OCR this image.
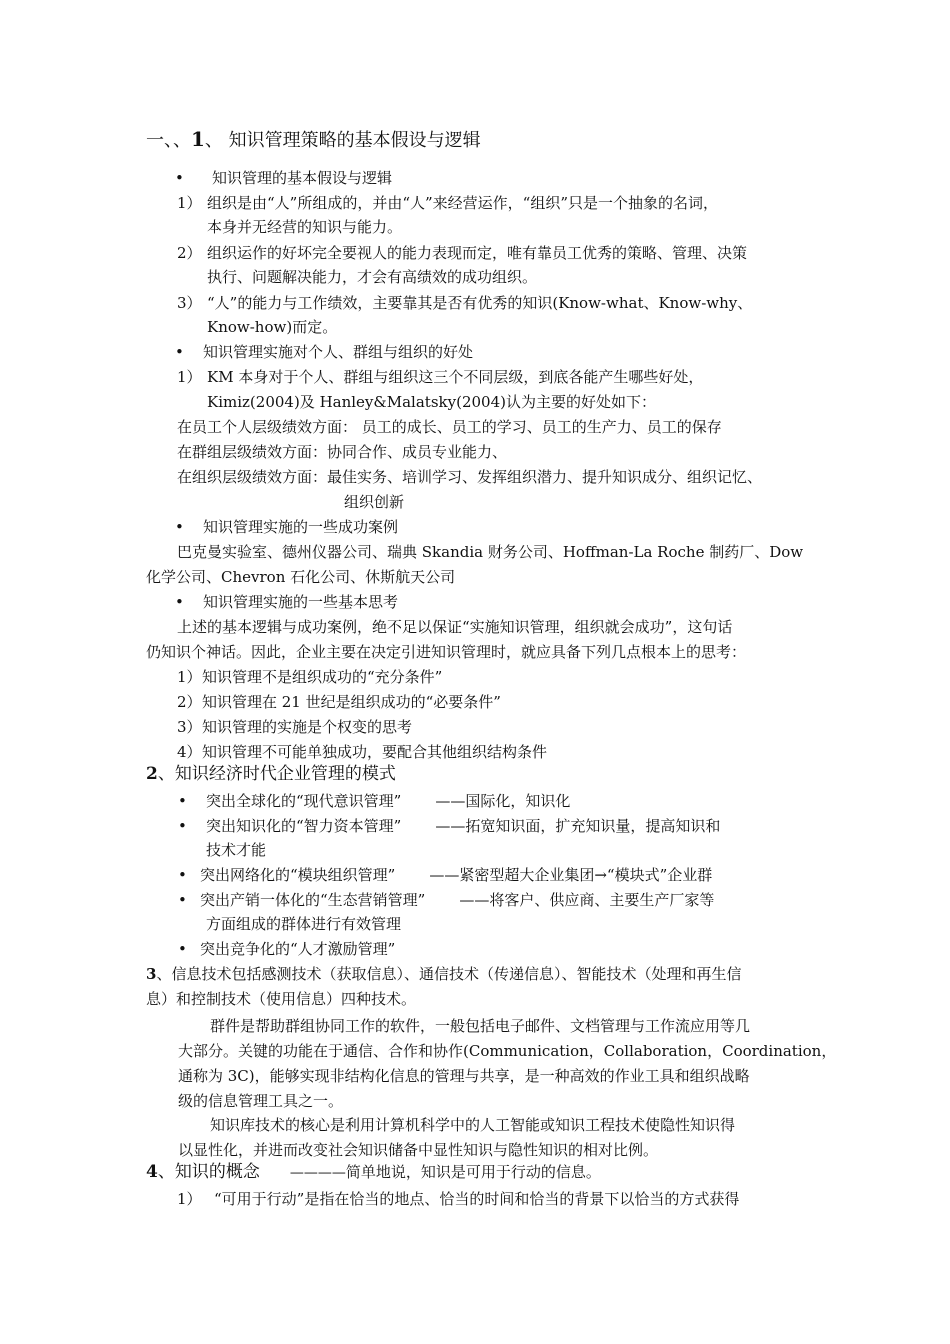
一、、1、 知识管理策略的基本假设与逻辑
• 知识管理的基本假设与逻辑
1） 组织是由“人”所组成的，并由“人”来经营运作，“组织”只是一个抽象的名词，
本身并无经营的知识与能力。
2） 组织运作的好坏完全要视人的能力表现而定，唯有靠员工优秀的策略、管理、决策
执行、问题解决能力，才会有高绩效的成功组织。
3） “人”的能力与工作绩效，主要靠其是否有优秀的知识(Know-what、Know-why、
Know-how)而定。
• 知识管理实施对个人、群组与组织的好处
1） KM 本身对于个人、群组与组织这三个不同层级，到底各能产生哪些好处，
Kimiz(2004)及 Hanley&Malatsky(2004)认为主要的好处如下：
在员工个人层级绩效方面： 员工的成长、员工的学习、员工的生产力、员工的保存
在群组层级绩效方面：协同合作、成员专业能力、
在组织层级绩效方面：最佳实务、培训学习、发挥组织潜力、提升知识成分、组织记忆、
组织创新
• 知识管理实施的一些成功案例
巴克曼实验室、德州仪器公司、瑞典 Skandia 财务公司、Hoffman-La Roche 制药厂、Dow
化学公司、Chevron 石化公司、休斯航天公司
• 知识管理实施的一些基本思考
上述的基本逻辑与成功案例，绝不足以保证“实施知识管理，组织就会成功”，这句话
仍知识个神话。因此，企业主要在决定引进知识管理时，就应具备下列几点根本上的思考：
1）知识管理不是组织成功的“充分条件”
2）知识管理在 21 世纪是组织成功的“必要条件”
3）知识管理的实施是个权变的思考
4）知识管理不可能单独成功，要配合其他组织结构条件
2、知识经济时代企业管理的模式
• 突出全球化的“现代意识管理” ——国际化，知识化
• 突出知识化的“智力资本管理” ——拓宽知识面，扩充知识量，提高知识和
技术才能
• 突出网络化的“模块组织管理” ——紧密型超大企业集团→“模块式”企业群
• 突出产销一体化的“生态营销管理” ——将客户、供应商、主要生产厂家等
方面组成的群体进行有效管理
• 突出竞争化的“人才激励管理”
3、信息技术包括感测技术（获取信息）、通信技术（传递信息）、智能技术（处理和再生信
息）和控制技术（使用信息）四种技术。
群件是帮助群组协同工作的软件，一般包括电子邮件、文档管理与工作流应用等几
大部分。关键的功能在于通信、合作和协作(Communication，Collaboration，Coordination，
通称为 3C)，能够实现非结构化信息的管理与共享，是一种高效的作业工具和组织战略
级的信息管理工具之一。
知识库技术的核心是利用计算机科学中的人工智能或知识工程技术使隐性知识得
以显性化，并进而改变社会知识储备中显性知识与隐性知识的相对比例。
4、知识的概念 ————简单地说，知识是可用于行动的信息。
1） “可用于行动”是指在恰当的地点、恰当的时间和恰当的背景下以恰当的方式获得
